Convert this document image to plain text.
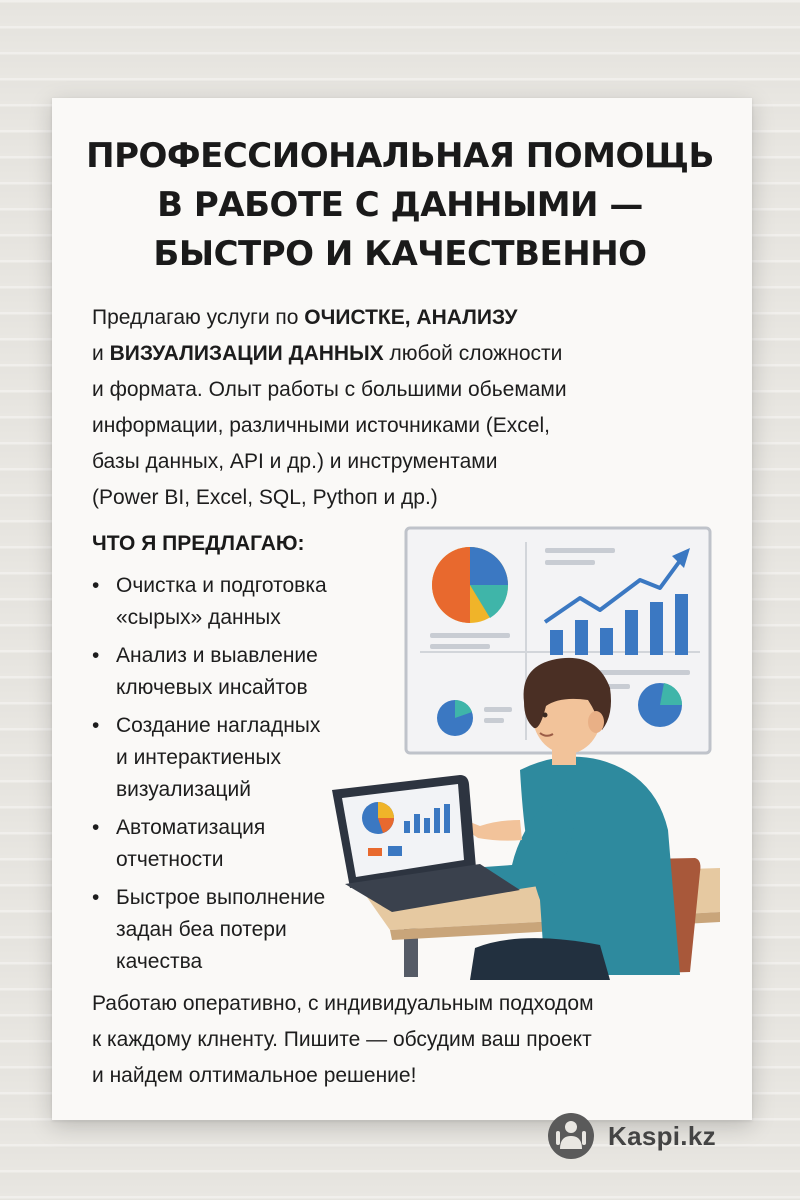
ПРОФЕССИОНАЛЬНАЯ ПОМОЩЬ
В РАБОТЕ С ДАННЫМИ —
БЫСТРО И КАЧЕСТВЕННО
Предлагаю услуги по ОЧИСТКЕ, АНАЛИЗУ
и ВИЗУАЛИЗАЦИИ ДАННЫХ любой сложности
и формата. Олыт работы с большими обьемами
информации, различными источниками (Excel,
базы данных, API и др.) и инструментами
(Power BI, Excel, SQL, Pythoп и др.)
ЧТО Я ПРЕДЛАГАЮ:
• Очистка и подготовка
«сырых» данных
• Анализ и выавление
ключевых инсайтов
• Создание нагладных
и интерактиеных
визуализаций
• Автоматизация
отчетности
• Быстрое выполнение
задан беа потери
качества
Работаю оперативно, с индивидуальным подходом
к каждому клненту. Пишите — обсудим ваш проект
и найдем олтимальное решение!
Kaspi.kz
